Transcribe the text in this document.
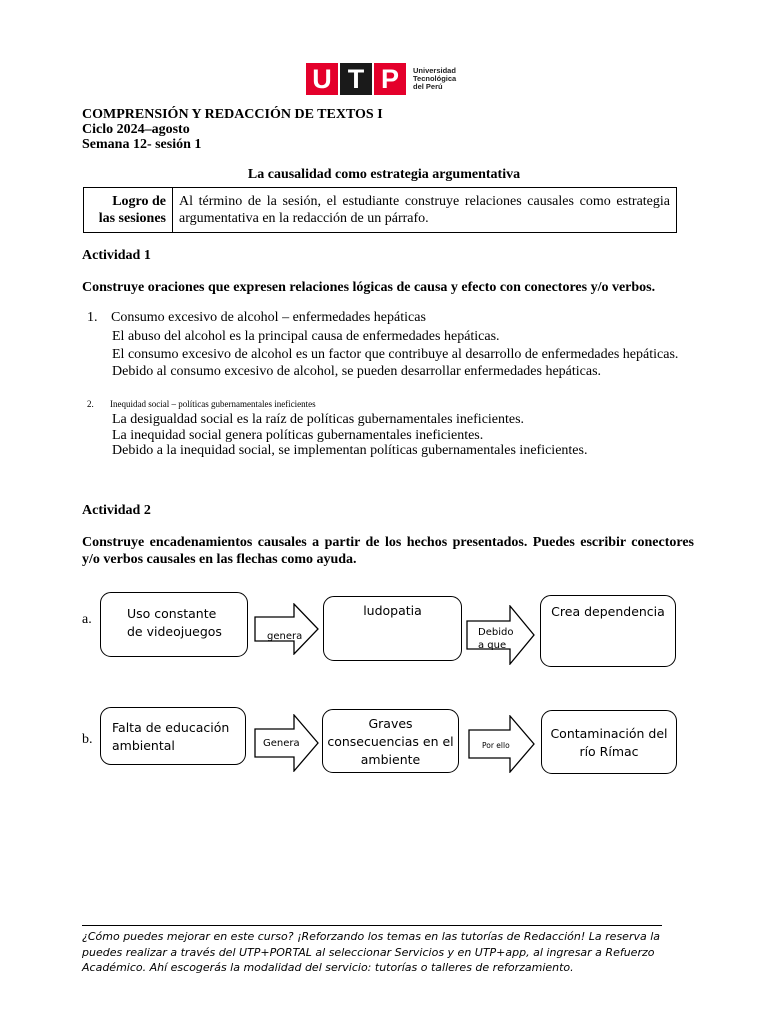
U T P	Universidad
Tecnológica
del Perú
COMPRENSIÓN Y REDACCIÓN DE TEXTOS I
Ciclo 2024–agosto
Semana 12- sesión 1
La causalidad como estrategia argumentativa
Logro de
las sesiones
	Al término de la sesión, el estudiante construye relaciones causales como estrategia argumentativa en la redacción de un párrafo.
Actividad 1
Construye oraciones que expresen relaciones lógicas de causa y efecto con conectores y/o verbos.
1. Consumo excesivo de alcohol – enfermedades hepáticas
El abuso del alcohol es la principal causa de enfermedades hepáticas.
El consumo excesivo de alcohol es un factor que contribuye al desarrollo de enfermedades hepáticas.
Debido al consumo excesivo de alcohol, se pueden desarrollar enfermedades hepáticas.
2. Inequidad social – políticas gubernamentales ineficientes
La desigualdad social es la raíz de políticas gubernamentales ineficientes.
La inequidad social genera políticas gubernamentales ineficientes.
Debido a la inequidad social, se implementan políticas gubernamentales ineficientes.
Actividad 2
Construye encadenamientos causales a partir de los hechos presentados. Puedes escribir conectores y/o verbos causales en las flechas como ayuda.
a.	Uso constante de videojuegos	genera
ludopatia
Debido
a que
Crea dependencia
b.
Falta de educación ambiental	Genera
Graves consecuencias en el ambiente
Por ello
Contaminación del río Rímac
¿Cómo puedes mejorar en este curso? ¡Reforzando los temas en las tutorías de Redacción! La reserva la puedes realizar a través del UTP+PORTAL al seleccionar Servicios y en UTP+app, al ingresar a Refuerzo Académico. Ahí escogerás la modalidad del servicio: tutorías o talleres de reforzamiento.
